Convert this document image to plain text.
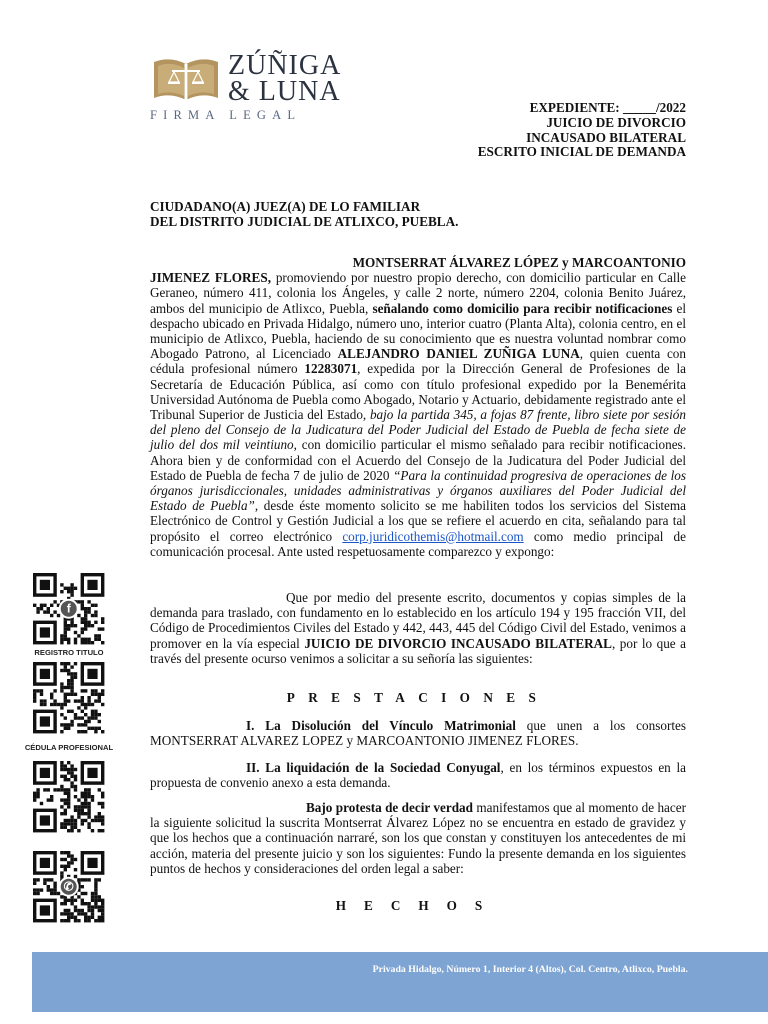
ZÚÑIGA
& LUNA
FIRMA LEGAL	EXPEDIENTE: _____/2022
JUICIO DE DIVORCIO
INCAUSADO BILATERAL
ESCRITO INICIAL DE DEMANDA
CIUDADANO(A) JUEZ(A) DE LO FAMILIAR
DEL DISTRITO JUDICIAL DE ATLIXCO, PUEBLA.
MONTSERRAT ÁLVAREZ LÓPEZ y MARCOANTONIO
JIMENEZ FLORES, promoviendo por nuestro propio derecho, con domicilio particular en Calle Geraneo, número 411, colonia los Ángeles, y calle 2 norte, número 2204, colonia Benito Juárez, ambos del municipio de Atlixco, Puebla, señalando como domicilio para recibir notificaciones el despacho ubicado en Privada Hidalgo, número uno, interior cuatro (Planta Alta), colonia centro, en el municipio de Atlixco, Puebla, haciendo de su conocimiento que es nuestra voluntad nombrar como Abogado Patrono, al Licenciado ALEJANDRO DANIEL ZUÑIGA LUNA, quien cuenta con cédula profesional número 12283071, expedida por la Dirección General de Profesiones de la Secretaría de Educación Pública, así como con título profesional expedido por la Benemérita Universidad Autónoma de Puebla como Abogado, Notario y Actuario, debidamente registrado ante el Tribunal Superior de Justicia del Estado, bajo la partida 345, a fojas 87 frente, libro siete por sesión del pleno del Consejo de la Judicatura del Poder Judicial del Estado de Puebla de fecha siete de julio del dos mil veintiuno, con domicilio particular el mismo señalado para recibir notificaciones. Ahora bien y de conformidad con el Acuerdo del Consejo de la Judicatura del Poder Judicial del Estado de Puebla de fecha 7 de julio de 2020 “Para la continuidad progresiva de operaciones de los órganos jurisdiccionales, unidades administrativas y órganos auxiliares del Poder Judicial del Estado de Puebla”, desde éste momento solicito se me habiliten todos los servicios del Sistema Electrónico de Control y Gestión Judicial a los que se refiere el acuerdo en cita, señalando para tal propósito el correo electrónico corp.juridicothemis@hotmail.com como medio principal de comunicación procesal. Ante usted respetuosamente comparezco y expongo:
Que por medio del presente escrito, documentos y copias simples de la demanda para traslado, con fundamento en lo establecido en los artículo 194 y 195 fracción VII, del Código de Procedimientos Civiles del Estado y 442, 443, 445 del Código Civil del Estado, venimos a promover en la vía especial JUICIO DE DIVORCIO INCAUSADO BILATERAL, por lo que a través del presente ocurso venimos a solicitar a su señoría las siguientes:
PRESTACIONES
I. La Disolución del Vínculo Matrimonial que unen a los consortes MONTSERRAT ALVAREZ LOPEZ y MARCOANTONIO JIMENEZ FLORES.
II. La liquidación de la Sociedad Conyugal, en los términos expuestos en la propuesta de convenio anexo a esta demanda.
Bajo protesta de decir verdad manifestamos que al momento de hacer la siguiente solicitud la suscrita Montserrat Álvarez López no se encuentra en estado de gravidez y que los hechos que a continuación narraré, son los que constan y constituyen los antecedentes de mi acción, materia del presente juicio y son los siguientes: Fundo la presente demanda en los siguientes puntos de hechos y consideraciones del orden legal a saber:
HECHOS
f
REGISTRO TITULO
CÉDULA PROFESIONAL
✆
Privada Hidalgo, Número 1, Interior 4 (Altos), Col. Centro, Atlixco, Puebla.
